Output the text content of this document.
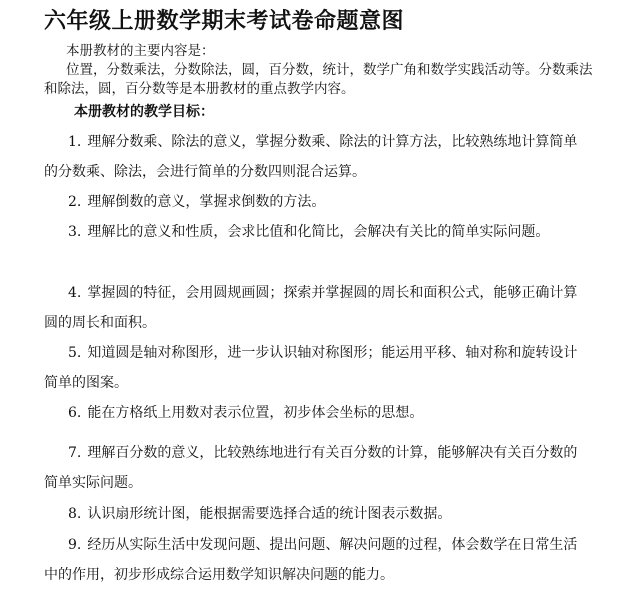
六年级上册数学期末考试卷命题意图
本册教材的主要内容是：
位置，分数乘法，分数除法，圆，百分数，统计，数学广角和数学实践活动等。分数乘法和除法，圆，百分数等是本册教材的重点教学内容。
本册教材的教学目标：
1. 理解分数乘、除法的意义，掌握分数乘、除法的计算方法，比较熟练地计算简单的分数乘、除法，会进行简单的分数四则混合运算。
2. 理解倒数的意义，掌握求倒数的方法。
3. 理解比的意义和性质，会求比值和化简比，会解决有关比的简单实际问题。
4. 掌握圆的特征，会用圆规画圆；探索并掌握圆的周长和面积公式，能够正确计算圆的周长和面积。
5. 知道圆是轴对称图形，进一步认识轴对称图形；能运用平移、轴对称和旋转设计简单的图案。
6. 能在方格纸上用数对表示位置，初步体会坐标的思想。
7. 理解百分数的意义，比较熟练地进行有关百分数的计算，能够解决有关百分数的简单实际问题。
8. 认识扇形统计图，能根据需要选择合适的统计图表示数据。
9. 经历从实际生活中发现问题、提出问题、解决问题的过程，体会数学在日常生活中的作用，初步形成综合运用数学知识解决问题的能力。
